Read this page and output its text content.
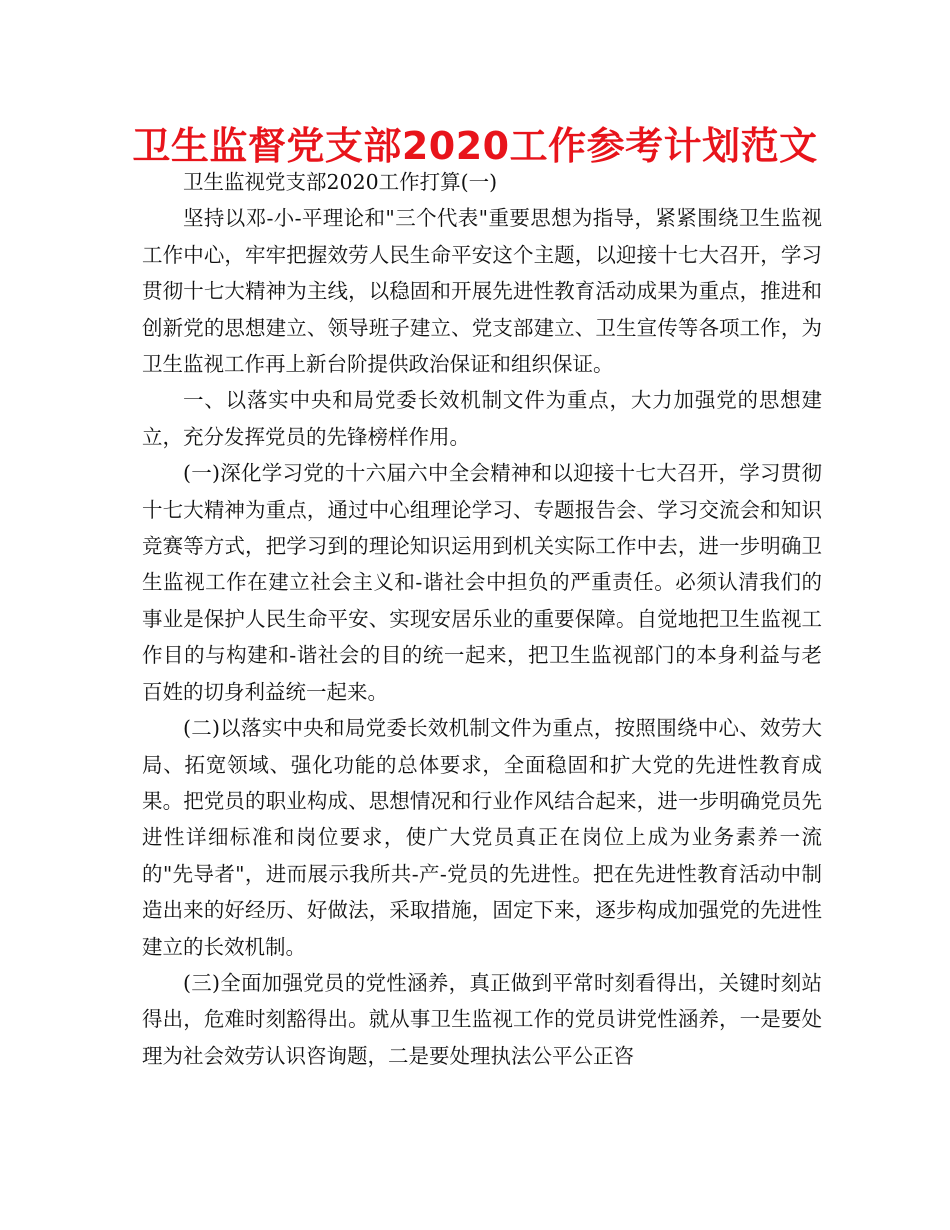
卫生监督党支部2020工作参考计划范文

卫生监视党支部2020工作打算(一)

坚持以邓-小-平理论和"三个代表"重要思想为指导，紧紧围绕卫生监视工作中心，牢牢把握效劳人民生命平安这个主题，以迎接十七大召开，学习贯彻十七大精神为主线，以稳固和开展先进性教育活动成果为重点，推进和创新党的思想建立、领导班子建立、党支部建立、卫生宣传等各项工作，为卫生监视工作再上新台阶提供政治保证和组织保证。

一、以落实中央和局党委长效机制文件为重点，大力加强党的思想建立，充分发挥党员的先锋榜样作用。

(一)深化学习党的十六届六中全会精神和以迎接十七大召开，学习贯彻十七大精神为重点，通过中心组理论学习、专题报告会、学习交流会和知识竞赛等方式，把学习到的理论知识运用到机关实际工作中去，进一步明确卫生监视工作在建立社会主义和-谐社会中担负的严重责任。必须认清我们的事业是保护人民生命平安、实现安居乐业的重要保障。自觉地把卫生监视工作目的与构建和-谐社会的目的统一起来，把卫生监视部门的本身利益与老百姓的切身利益统一起来。

(二)以落实中央和局党委长效机制文件为重点，按照围绕中心、效劳大局、拓宽领域、强化功能的总体要求，全面稳固和扩大党的先进性教育成果。把党员的职业构成、思想情况和行业作风结合起来，进一步明确党员先进性详细标准和岗位要求，使广大党员真正在岗位上成为业务素养一流的"先导者"，进而展示我所共-产-党员的先进性。把在先进性教育活动中制造出来的好经历、好做法，采取措施，固定下来，逐步构成加强党的先进性建立的长效机制。

(三)全面加强党员的党性涵养，真正做到平常时刻看得出，关键时刻站得出，危难时刻豁得出。就从事卫生监视工作的党员讲党性涵养，一是要处理为社会效劳认识咨询题，二是要处理执法公平公正咨
